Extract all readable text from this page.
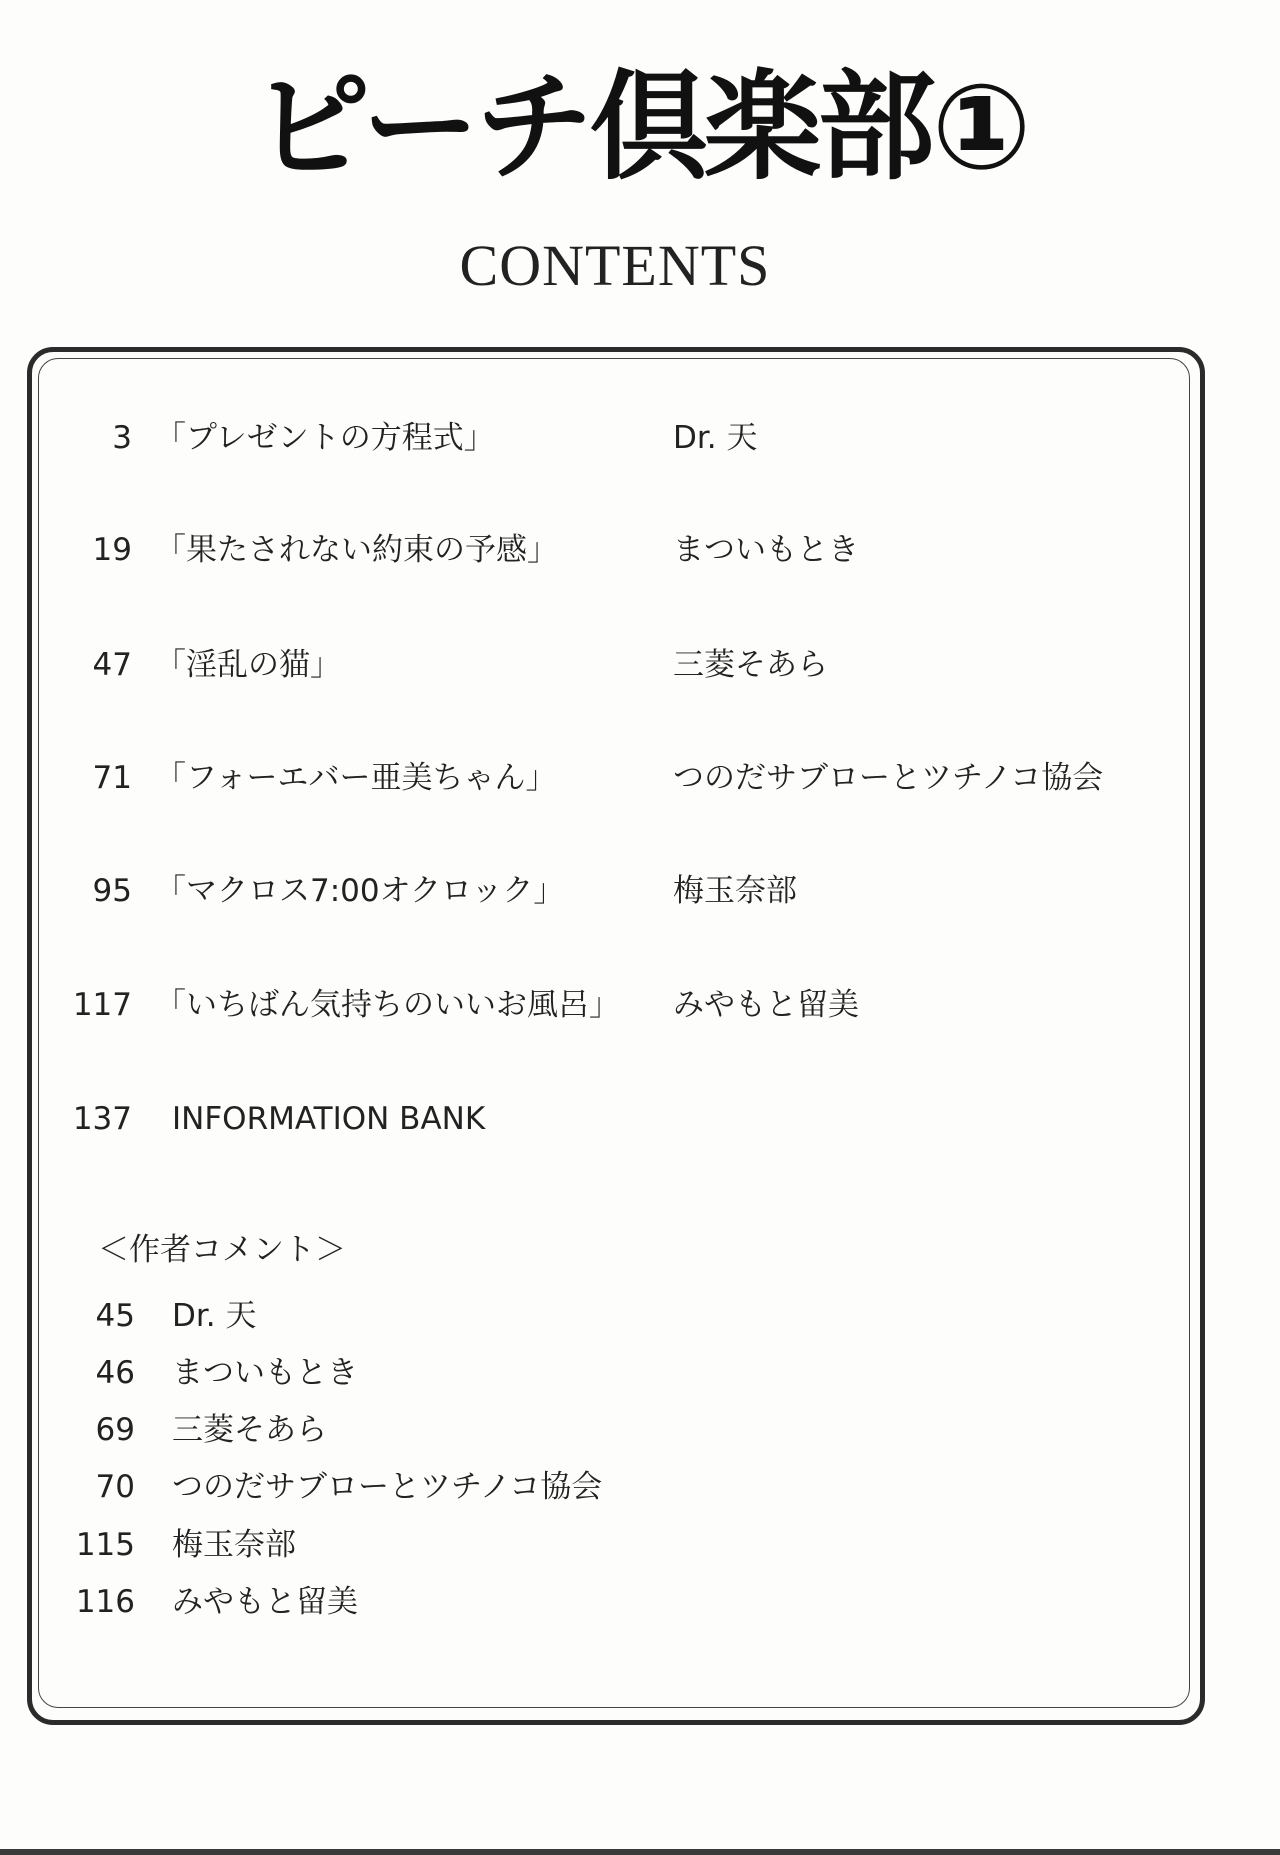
ピーチ倶楽部①
CONTENTS
3 「プレゼントの方程式」	Dr. 天
19 「果たされない約束の予感」	まついもとき
47 「淫乱の猫」	三菱そあら
71 「フォーエバー亜美ちゃん」	つのだサブローとツチノコ協会
95 「マクロス7:00オクロック」	梅玉奈部
117 「いちばん気持ちのいいお風呂」 みやもと留美
137 INFORMATION BANK
＜作者コメント＞
45 Dr. 天
46 まついもとき
69 三菱そあら
70 つのだサブローとツチノコ協会
115 梅玉奈部
116 みやもと留美
